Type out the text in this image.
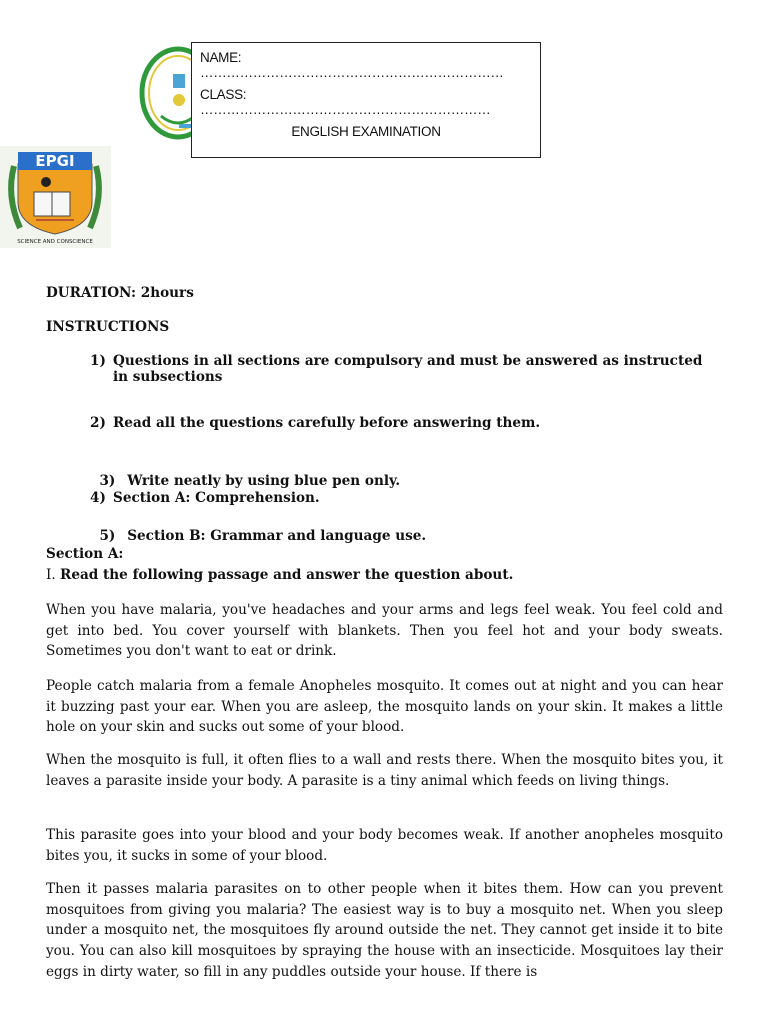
NAME: ……………………………………………………………
CLASS: …………………………………………………………
ENGLISH EXAMINATION
EPGI
SCIENCE AND CONSCIENCE
DURATION: 2hours
INSTRUCTIONS
1) Questions in all sections are compulsory and must be answered as instructed
in subsections
2) Read all the questions carefully before answering them.

3) Write neatly by using blue pen only.

4) Section A: Comprehension.

5) Section B: Grammar and language use.

Section A:
I. Read the following passage and answer the question about.

When you have malaria, you've headaches and your arms and legs feel weak. You feel cold and get into bed. You cover yourself with blankets. Then you feel hot and your body sweats. Sometimes you don't want to eat or drink.

People catch malaria from a female Anopheles mosquito. It comes out at night and you can hear it buzzing past your ear. When you are asleep, the mosquito lands on your skin. It makes a little hole on your skin and sucks out some of your blood.

When the mosquito is full, it often flies to a wall and rests there. When the mosquito bites you, it leaves a parasite inside your body. A parasite is a tiny animal which feeds on living things.

This parasite goes into your blood and your body becomes weak. If another anopheles mosquito bites you, it sucks in some of your blood.

Then it passes malaria parasites on to other people when it bites them. How can you prevent mosquitoes from giving you malaria? The easiest way is to buy a mosquito net. When you sleep under a mosquito net, the mosquitoes fly around outside the net. They cannot get inside it to bite you. You can also kill mosquitoes by spraying the house with an insecticide. Mosquitoes lay their eggs in dirty water, so fill in any puddles outside your house. If there is
